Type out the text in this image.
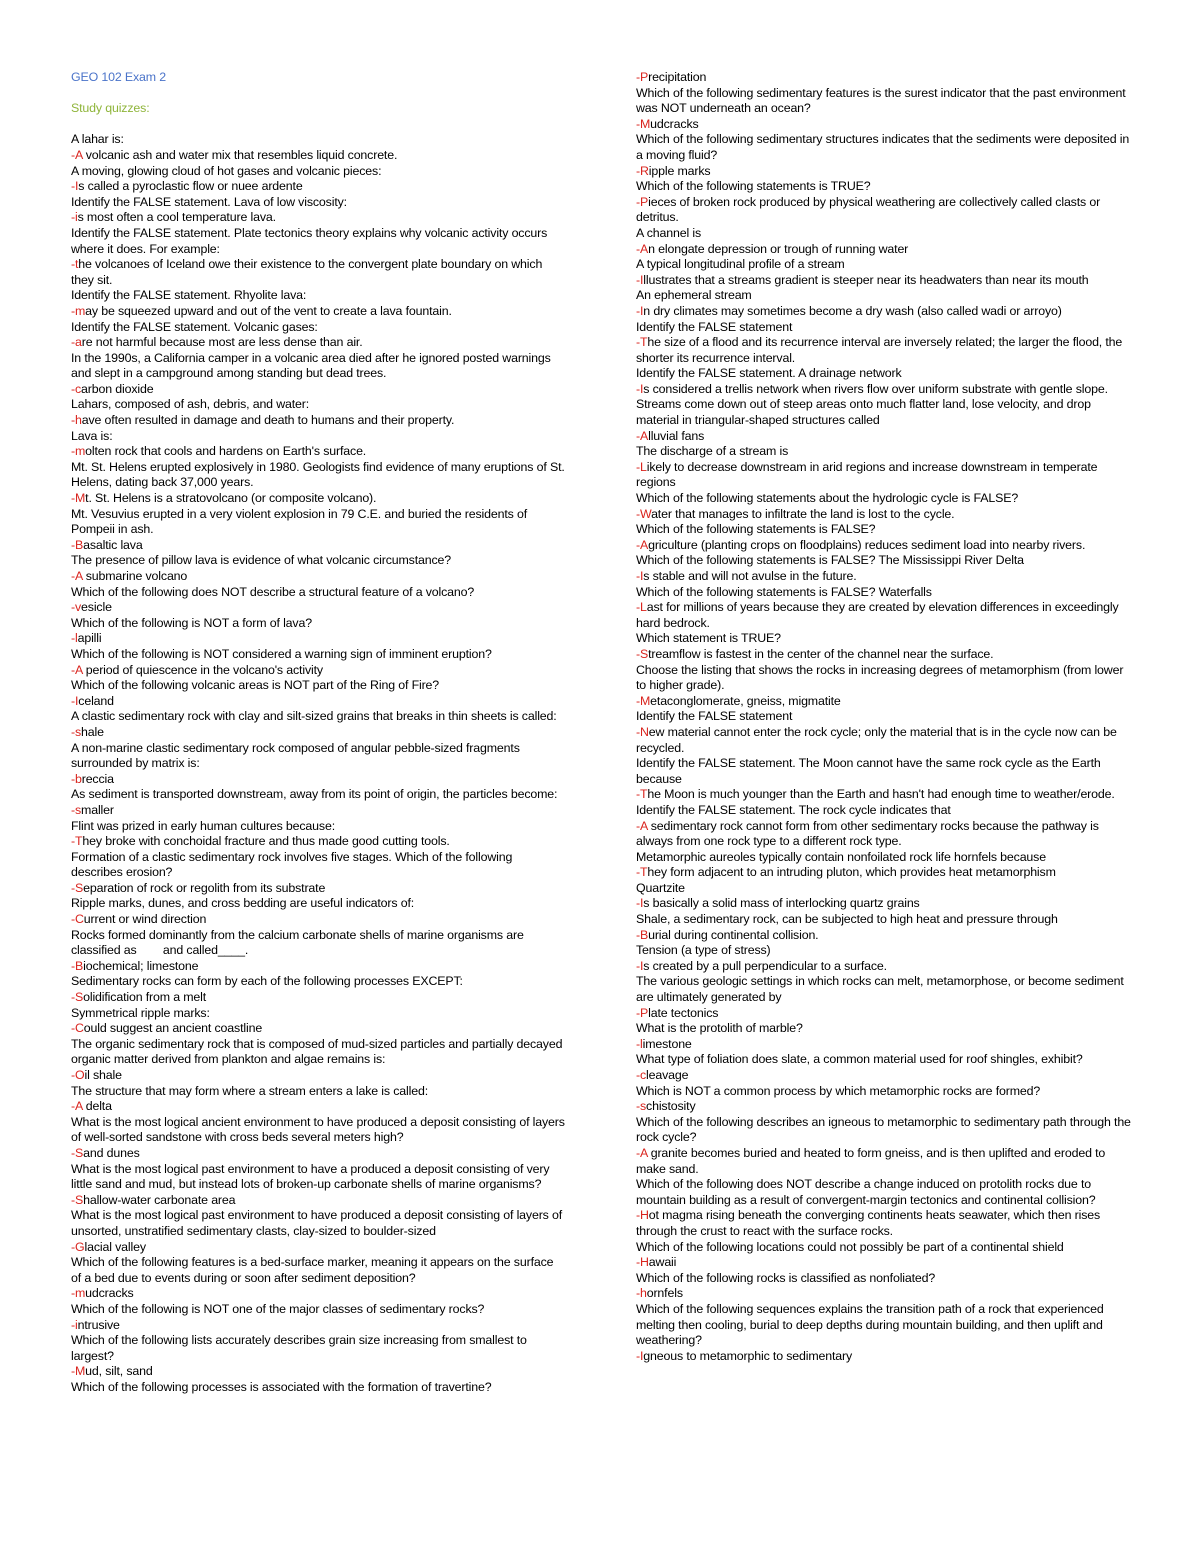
GEO 102 Exam 2
Study quizzes:
A lahar is:
-A volcanic ash and water mix that resembles liquid concrete.
A moving, glowing cloud of hot gases and volcanic pieces:
-Is called a pyroclastic flow or nuee ardente
Identify the FALSE statement. Lava of low viscosity:
-is most often a cool temperature lava.
Identify the FALSE statement. Plate tectonics theory explains why volcanic activity occurs where it does. For example:
-the volcanoes of Iceland owe their existence to the convergent plate boundary on which they sit.
Identify the FALSE statement. Rhyolite lava:
-may be squeezed upward and out of the vent to create a lava fountain.
Identify the FALSE statement. Volcanic gases:
-are not harmful because most are less dense than air.
In the 1990s, a California camper in a volcanic area died after he ignored posted warnings and slept in a campground among standing but dead trees.
-carbon dioxide
Lahars, composed of ash, debris, and water:
-have often resulted in damage and death to humans and their property.
Lava is:
-molten rock that cools and hardens on Earth's surface.
Mt. St. Helens erupted explosively in 1980. Geologists find evidence of many eruptions of St. Helens, dating back 37,000 years.
-Mt. St. Helens is a stratovolcano (or composite volcano).
Mt. Vesuvius erupted in a very violent explosion in 79 C.E. and buried the residents of Pompeii in ash.
-Basaltic lava
The presence of pillow lava is evidence of what volcanic circumstance?
-A submarine volcano
Which of the following does NOT describe a structural feature of a volcano?
-vesicle
Which of the following is NOT a form of lava?
-lapilli
Which of the following is NOT considered a warning sign of imminent eruption?
-A period of quiescence in the volcano's activity
Which of the following volcanic areas is NOT part of the Ring of Fire?
-Iceland
A clastic sedimentary rock with clay and silt-sized grains that breaks in thin sheets is called:
-shale
A non-marine clastic sedimentary rock composed of angular pebble-sized fragments surrounded by matrix is:
-breccia
As sediment is transported downstream, away from its point of origin, the particles become:
-smaller
Flint was prized in early human cultures because:
-They broke with conchoidal fracture and thus made good cutting tools.
Formation of a clastic sedimentary rock involves five stages. Which of the following describes erosion?
-Separation of rock or regolith from its substrate
Ripple marks, dunes, and cross bedding are useful indicators of:
-Current or wind direction
Rocks formed dominantly from the calcium carbonate shells of marine organisms are classified as        and called____.
-Biochemical; limestone
Sedimentary rocks can form by each of the following processes EXCEPT:
-Solidification from a melt
Symmetrical ripple marks:
-Could suggest an ancient coastline
The organic sedimentary rock that is composed of mud-sized particles and partially decayed organic matter derived from plankton and algae remains is:
-Oil shale
The structure that may form where a stream enters a lake is called:
-A delta
What is the most logical ancient environment to have produced a deposit consisting of layers of well-sorted sandstone with cross beds several meters high?
-Sand dunes
What is the most logical past environment to have a produced a deposit consisting of very little sand and mud, but instead lots of broken-up carbonate shells of marine organisms?
-Shallow-water carbonate area
What is the most logical past environment to have produced a deposit consisting of layers of unsorted, unstratified sedimentary clasts, clay-sized to boulder-sized
-Glacial valley
Which of the following features is a bed-surface marker, meaning it appears on the surface of a bed due to events during or soon after sediment deposition?
-mudcracks
Which of the following is NOT one of the major classes of sedimentary rocks?
-intrusive
Which of the following lists accurately describes grain size increasing from smallest to largest?
-Mud, silt, sand
Which of the following processes is associated with the formation of travertine?
-Precipitation
Which of the following sedimentary features is the surest indicator that the past environment was NOT underneath an ocean?
-Mudcracks
Which of the following sedimentary structures indicates that the sediments were deposited in a moving fluid?
-Ripple marks
Which of the following statements is TRUE?
-Pieces of broken rock produced by physical weathering are collectively called clasts or detritus.
A channel is
-An elongate depression or trough of running water
A typical longitudinal profile of a stream
-Illustrates that a streams gradient is steeper near its headwaters than near its mouth
An ephemeral stream
-In dry climates may sometimes become a dry wash (also called wadi or arroyo)
Identify the FALSE statement
-The size of a flood and its recurrence interval are inversely related; the larger the flood, the shorter its recurrence interval.
Identify the FALSE statement. A drainage network
-Is considered a trellis network when rivers flow over uniform substrate with gentle slope.
Streams come down out of steep areas onto much flatter land, lose velocity, and drop material in triangular-shaped structures called
-Alluvial fans
The discharge of a stream is
-Likely to decrease downstream in arid regions and increase downstream in temperate regions
Which of the following statements about the hydrologic cycle is FALSE?
-Water that manages to infiltrate the land is lost to the cycle.
Which of the following statements is FALSE?
-Agriculture (planting crops on floodplains) reduces sediment load into nearby rivers.
Which of the following statements is FALSE? The Mississippi River Delta
-Is stable and will not avulse in the future.
Which of the following statements is FALSE? Waterfalls
-Last for millions of years because they are created by elevation differences in exceedingly hard bedrock.
Which statement is TRUE?
-Streamflow is fastest in the center of the channel near the surface.
Choose the listing that shows the rocks in increasing degrees of metamorphism (from lower to higher grade).
-Metaconglomerate, gneiss, migmatite
Identify the FALSE statement
-New material cannot enter the rock cycle; only the material that is in the cycle now can be recycled.
Identify the FALSE statement. The Moon cannot have the same rock cycle as the Earth because
-The Moon is much younger than the Earth and hasn't had enough time to weather/erode.
Identify the FALSE statement. The rock cycle indicates that
-A sedimentary rock cannot form from other sedimentary rocks because the pathway is always from one rock type to a different rock type.
Metamorphic aureoles typically contain nonfoilated rock life hornfels because
-They form adjacent to an intruding pluton, which provides heat metamorphism
Quartzite
-Is basically a solid mass of interlocking quartz grains
Shale, a sedimentary rock, can be subjected to high heat and pressure through
-Burial during continental collision.
Tension (a type of stress)
-Is created by a pull perpendicular to a surface.
The various geologic settings in which rocks can melt, metamorphose, or become sediment are ultimately generated by
-Plate tectonics
What is the protolith of marble?
-limestone
What type of foliation does slate, a common material used for roof shingles, exhibit?
-cleavage
Which is NOT a common process by which metamorphic rocks are formed?
-schistosity
Which of the following describes an igneous to metamorphic to sedimentary path through the rock cycle?
-A granite becomes buried and heated to form gneiss, and is then uplifted and eroded to make sand.
Which of the following does NOT describe a change induced on protolith rocks due to mountain building as a result of convergent-margin tectonics and continental collision?
-Hot magma rising beneath the converging continents heats seawater, which then rises through the crust to react with the surface rocks.
Which of the following locations could not possibly be part of a continental shield
-Hawaii
Which of the following rocks is classified as nonfoliated?
-hornfels
Which of the following sequences explains the transition path of a rock that experienced melting then cooling, burial to deep depths during mountain building, and then uplift and weathering?
-Igneous to metamorphic to sedimentary
